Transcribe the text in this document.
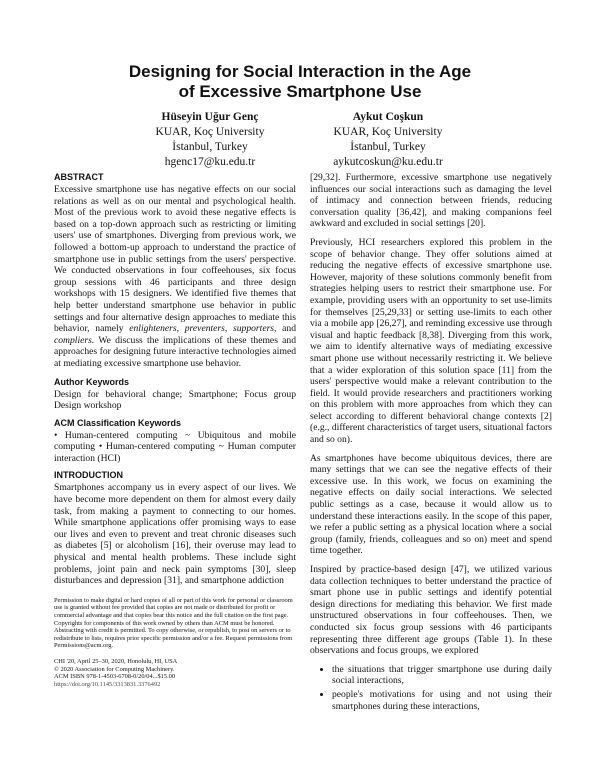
Designing for Social Interaction in the Age
of Excessive Smartphone Use
Hüseyin Uğur Genç
KUAR, Koç University
İstanbul, Turkey
hgenc17@ku.edu.tr
Aykut Coşkun
KUAR, Koç University
İstanbul, Turkey
aykutcoskun@ku.edu.tr
ABSTRACT

Excessive smartphone use has negative effects on our social relations as well as on our mental and psychological health. Most of the previous work to avoid these negative effects is based on a top-down approach such as restricting or limiting users' use of smartphones. Diverging from previous work, we followed a bottom-up approach to understand the practice of smartphone use in public settings from the users' perspective. We conducted observations in four coffeehouses, six focus group sessions with 46 participants and three design workshops with 15 designers. We identified five themes that help better understand smartphone use behavior in public settings and four alternative design approaches to mediate this behavior, namely enlighteners, preventers, supporters, and compliers. We discuss the implications of these themes and approaches for designing future interactive technologies aimed at mediating excessive smartphone use behavior.

Author Keywords

Design for behavioral change; Smartphone; Focus group Design workshop

ACM Classification Keywords

• Human-centered computing ~ Ubiquitous and mobile computing • Human-centered computing ~ Human computer interaction (HCI)

INTRODUCTION

Smartphones accompany us in every aspect of our lives. We have become more dependent on them for almost every daily task, from making a payment to connecting to our homes. While smartphone applications offer promising ways to ease our lives and even to prevent and treat chronic diseases such as diabetes [5] or alcoholism [16], their overuse may lead to physical and mental health problems. These include sight problems, joint pain and neck pain symptoms [30], sleep disturbances and depression [31], and smartphone addiction

Permission to make digital or hard copies of all or part of this work for personal or classroom use is granted without fee provided that copies are not made or distributed for profit or commercial advantage and that copies bear this notice and the full citation on the first page. Copyrights for components of this work owned by others than ACM must be honored. Abstracting with credit is permitted. To copy otherwise, or republish, to post on servers or to redistribute to lists, requires prior specific permission and/or a fee. Request permissions from Permissions@acm.org.
CHI '20, April 25–30, 2020, Honolulu, HI, USA
© 2020 Association for Computing Machinery.
ACM ISBN 978-1-4503-6708-0/20/04...$15.00
https://doi.org/10.1145/3313831.3376492

[29,32]. Furthermore, excessive smartphone use negatively influences our social interactions such as damaging the level of intimacy and connection between friends, reducing conversation quality [36,42], and making companions feel awkward and excluded in social settings [20].

Previously, HCI researchers explored this problem in the scope of behavior change. They offer solutions aimed at reducing the negative effects of excessive smartphone use. However, majority of these solutions commonly benefit from strategies helping users to restrict their smartphone use. For example, providing users with an opportunity to set use-limits for themselves [25,29,33] or setting use-limits to each other via a mobile app [26,27], and reminding excessive use through visual and haptic feedback [8,38]. Diverging from this work, we aim to identify alternative ways of mediating excessive smart phone use without necessarily restricting it. We believe that a wider exploration of this solution space [11] from the users' perspective would make a relevant contribution to the field. It would provide researchers and practitioners working on this problem with more approaches from which they can select according to different behavioral change contexts [2] (e.g., different characteristics of target users, situational factors and so on).

As smartphones have become ubiquitous devices, there are many settings that we can see the negative effects of their excessive use. In this work, we focus on examining the negative effects on daily social interactions. We selected public settings as a case, because it would allow us to understand these interactions easily. In the scope of this paper, we refer a public setting as a physical location where a social group (family, friends, colleagues and so on) meet and spend time together.

Inspired by practice-based design [47], we utilized various data collection techniques to better understand the practice of smart phone use in public settings and identify potential design directions for mediating this behavior. We first made unstructured observations in four coffeehouses. Then, we conducted six focus group sessions with 46 participants representing three different age groups (Table 1). In these observations and focus groups, we explored

• the situations that trigger smartphone use during daily social interactions,
• people's motivations for using and not using their smartphones during these interactions,
